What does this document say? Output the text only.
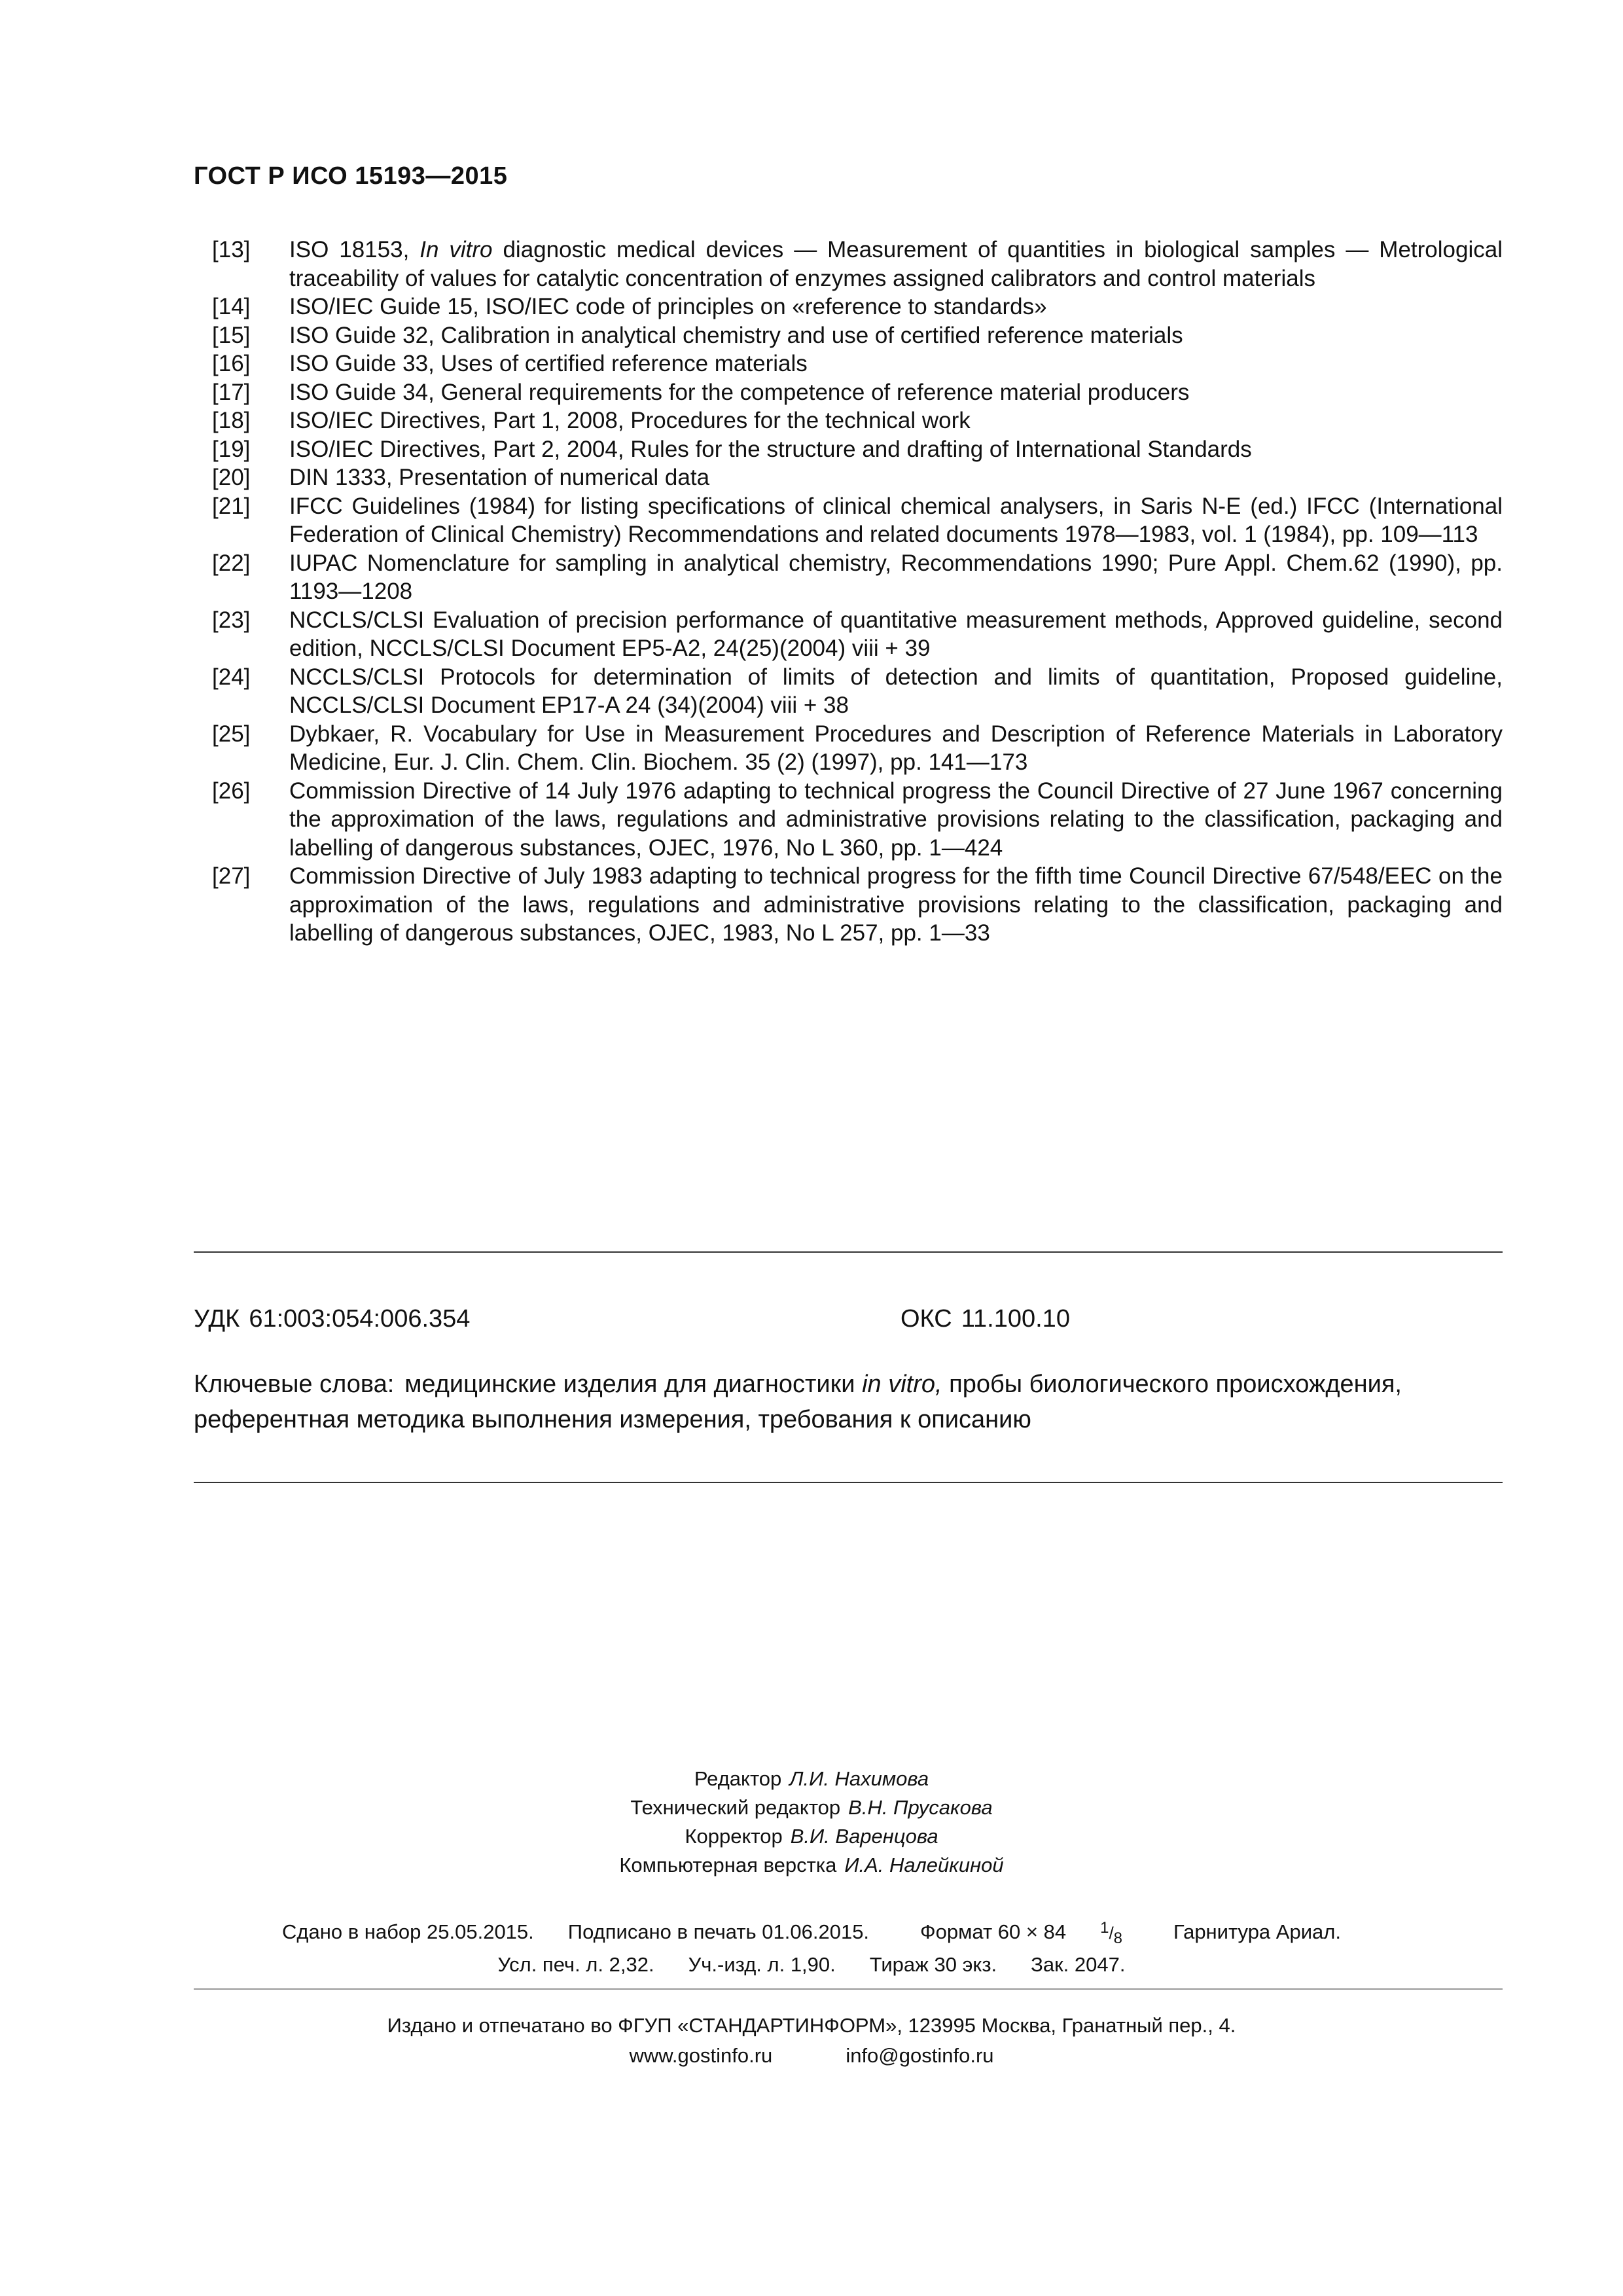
ГОСТ Р ИСО 15193—2015
[13]	ISO 18153, In vitro diagnostic medical devices — Measurement of quantities in biological samples — Metrological traceability of values for catalytic concentration of enzymes assigned calibrators and control materials
[14]	ISO/IEC Guide 15, ISO/IEC code of principles on «reference to standards»
[15]	ISO Guide 32, Calibration in analytical chemistry and use of certified reference materials
[16]	ISO Guide 33, Uses of certified reference materials
[17]	ISO Guide 34, General requirements for the competence of reference material producers
[18]	ISO/IEC Directives, Part 1, 2008, Procedures for the technical work
[19]	ISO/IEC Directives, Part 2, 2004, Rules for the structure and drafting of International Standards
[20]	DIN 1333, Presentation of numerical data
[21]	IFCC Guidelines (1984) for listing specifications of clinical chemical analysers, in Saris N-E (ed.) IFCC (International Federation of Clinical Chemistry) Recommendations and related documents 1978—1983, vol. 1 (1984), pp. 109—113
[22]	IUPAC Nomenclature for sampling in analytical chemistry, Recommendations 1990; Pure Appl. Chem.62 (1990), pp. 1193—1208
[23]	NCCLS/CLSI Evaluation of precision performance of quantitative measurement methods, Approved guideline, second edition, NCCLS/CLSI Document EP5-A2, 24(25)(2004) viii + 39
[24]	NCCLS/CLSI Protocols for determination of limits of detection and limits of quantitation, Proposed guideline, NCCLS/CLSI Document EP17-A 24 (34)(2004) viii + 38
[25]	Dybkaer, R. Vocabulary for Use in Measurement Procedures and Description of Reference Materials in Laboratory Medicine, Eur. J. Clin. Chem. Clin. Biochem. 35 (2) (1997), pp. 141—173
[26]	Commission Directive of 14 July 1976 adapting to technical progress the Council Directive of 27 June 1967 concerning the approximation of the laws, regulations and administrative provisions relating to the classification, packaging and labelling of dangerous substances, OJEC, 1976, No L 360, pp. 1—424
[27]	Commission Directive of July 1983 adapting to technical progress for the fifth time Council Directive 67/548/EEC on the approximation of the laws, regulations and administrative provisions relating to the classification, packaging and labelling of dangerous substances, OJEC, 1983, No L 257, pp. 1—33
УДК 61:003:054:006.354	ОКС 11.100.10
Ключевые слова: медицинские изделия для диагностики in vitro, пробы биологического происхождения, референтная методика выполнения измерения, требования к описанию
Редактор Л.И. Нахимова
Технический редактор В.Н. Прусакова
Корректор В.И. Варенцова
Компьютерная верстка И.А. Налейкиной
Сдано в набор 25.05.2015. Подписано в печать 01.06.2015.	Формат 60 × 84 $^1/_8$	Гарнитура Ариал.
Усл. печ. л. 2,32. Уч.-изд. л. 1,90. Тираж 30 экз. Зак. 2047.
Издано и отпечатано во ФГУП «СТАНДАРТИНФОРМ», 123995 Москва, Гранатный пер., 4.
www.gostinfo.ru	info@gostinfo.ru
